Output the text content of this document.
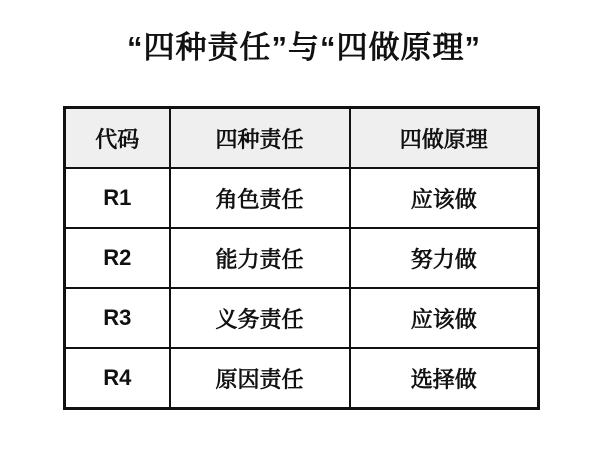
“四种责任”与“四做原理”
代码	四种责任	四做原理
R1	角色责任	应该做
R2	能力责任	努力做
R3	义务责任	应该做
R4	原因责任	选择做
